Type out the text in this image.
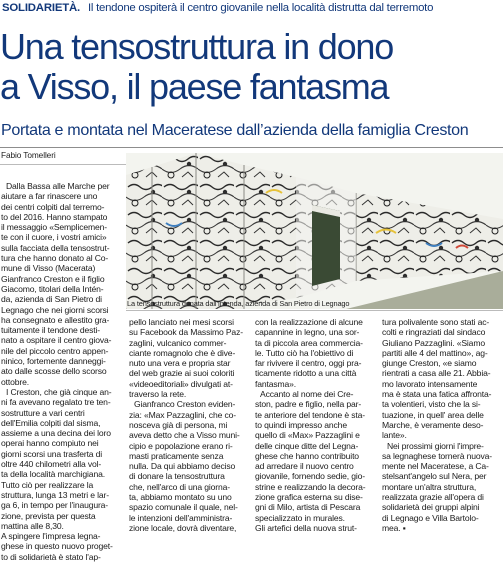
SOLIDARIETÀ. Il tendone ospiterà il centro giovanile nella località distrutta dal terremoto
Una tensostruttura in dono
a Visso, il paese fantasma
Portata e montata nel Maceratese dall’azienda della famiglia Creston
Fabio Tomelleri
La tensostruttura donata dall’Intenda, azienda di San Pietro di Legnago
Dalla Bassa alle Marche per
aiutare a far rinascere uno
dei centri colpiti dal terremo-
to del 2016. Hanno stampato
il messaggio «Semplicemen-
te con il cuore, i vostri amici»
sulla facciata della tensostrut-
tura che hanno donato al Co-
mune di Visso (Macerata)
Gianfranco Creston e il figlio
Giacomo, titolari della Intén-
da, azienda di San Pietro di
Legnago che nei giorni scorsi
ha consegnato e allestito gra-
tuitamente il tendone desti-
nato a ospitare il centro giova-
nile del piccolo centro appen-
ninico, fortemente danneggi-
ato dalle scosse dello scorso
ottobre.
I Creston, che già cinque an-
ni fa avevano regalato tre ten-
sostrutture a vari centri
dell'Emilia colpiti dal sisma,
assieme a una decina dei loro
operai hanno compiuto nei
giorni scorsi una trasferta di
oltre 440 chilometri alla vol-
ta della località marchigiana.
Tutto ciò per realizzare la
struttura, lunga 13 metri e lar-
ga 6, in tempo per l'inaugura-
zione, prevista per questa
mattina alle 8,30.
A spingere l'impresa legna-
ghese in questo nuovo proget-
to di solidarietà è stato l'ap-
pello lanciato nei mesi scorsi
su Facebook da Massimo Paz-
zaglini, vulcanico commer-
ciante romagnolo che è dive-
nuto una vera e propria star
del web grazie ai suoi coloriti
«videoeditoriali» divulgati at-
traverso la rete.
Gianfranco Creston eviden-
zia: «Max Pazzaglini, che co-
nosceva già di persona, mi
aveva detto che a Visso muni-
cipio e popolazione erano ri-
masti praticamente senza
nulla. Da qui abbiamo deciso
di donare la tensostruttura
che, nell'arco di una giorna-
ta, abbiamo montato su uno
spazio comunale il quale, nel-
le intenzioni dell'amministra-
zione locale, dovrà diventare,
con la realizzazione di alcune
capannine in legno, una sor-
ta di piccola area commercia-
le. Tutto ciò ha l'obiettivo di
far rivivere il centro, oggi pra-
ticamente ridotto a una città
fantasma».
Accanto al nome dei Cre-
ston, padre e figlio, nella par-
te anteriore del tendone è sta-
to quindi impresso anche
quello di «Max» Pazzaglini e
delle cinque ditte del Legna-
ghese che hanno contribuito
ad arredare il nuovo centro
giovanile, fornendo sedie, gio-
strine e realizzando la decora-
zione grafica esterna su dise-
gni di Milo, artista di Pescara
specializzato in murales.
Gli artefici della nuova strut-
tura polivalente sono stati ac-
colti e ringraziati dal sindaco
Giuliano Pazzaglini. «Siamo
partiti alle 4 del mattino», ag-
giunge Creston, «e siamo
rientrati a casa alle 21. Abbia-
mo lavorato intensamente
ma è stata una fatica affronta-
ta volentieri, visto che la si-
tuazione, in quell' area delle
Marche, è veramente deso-
lante».
Nei prossimi giorni l'impre-
sa legnaghese tornerà nuova-
mente nel Maceratese, a Ca-
stelsant'angelo sul Nera, per
montare un'altra struttura,
realizzata grazie all'opera di
solidarietà dei gruppi alpini
di Legnago e Villa Bartolo-
mea. ▪
